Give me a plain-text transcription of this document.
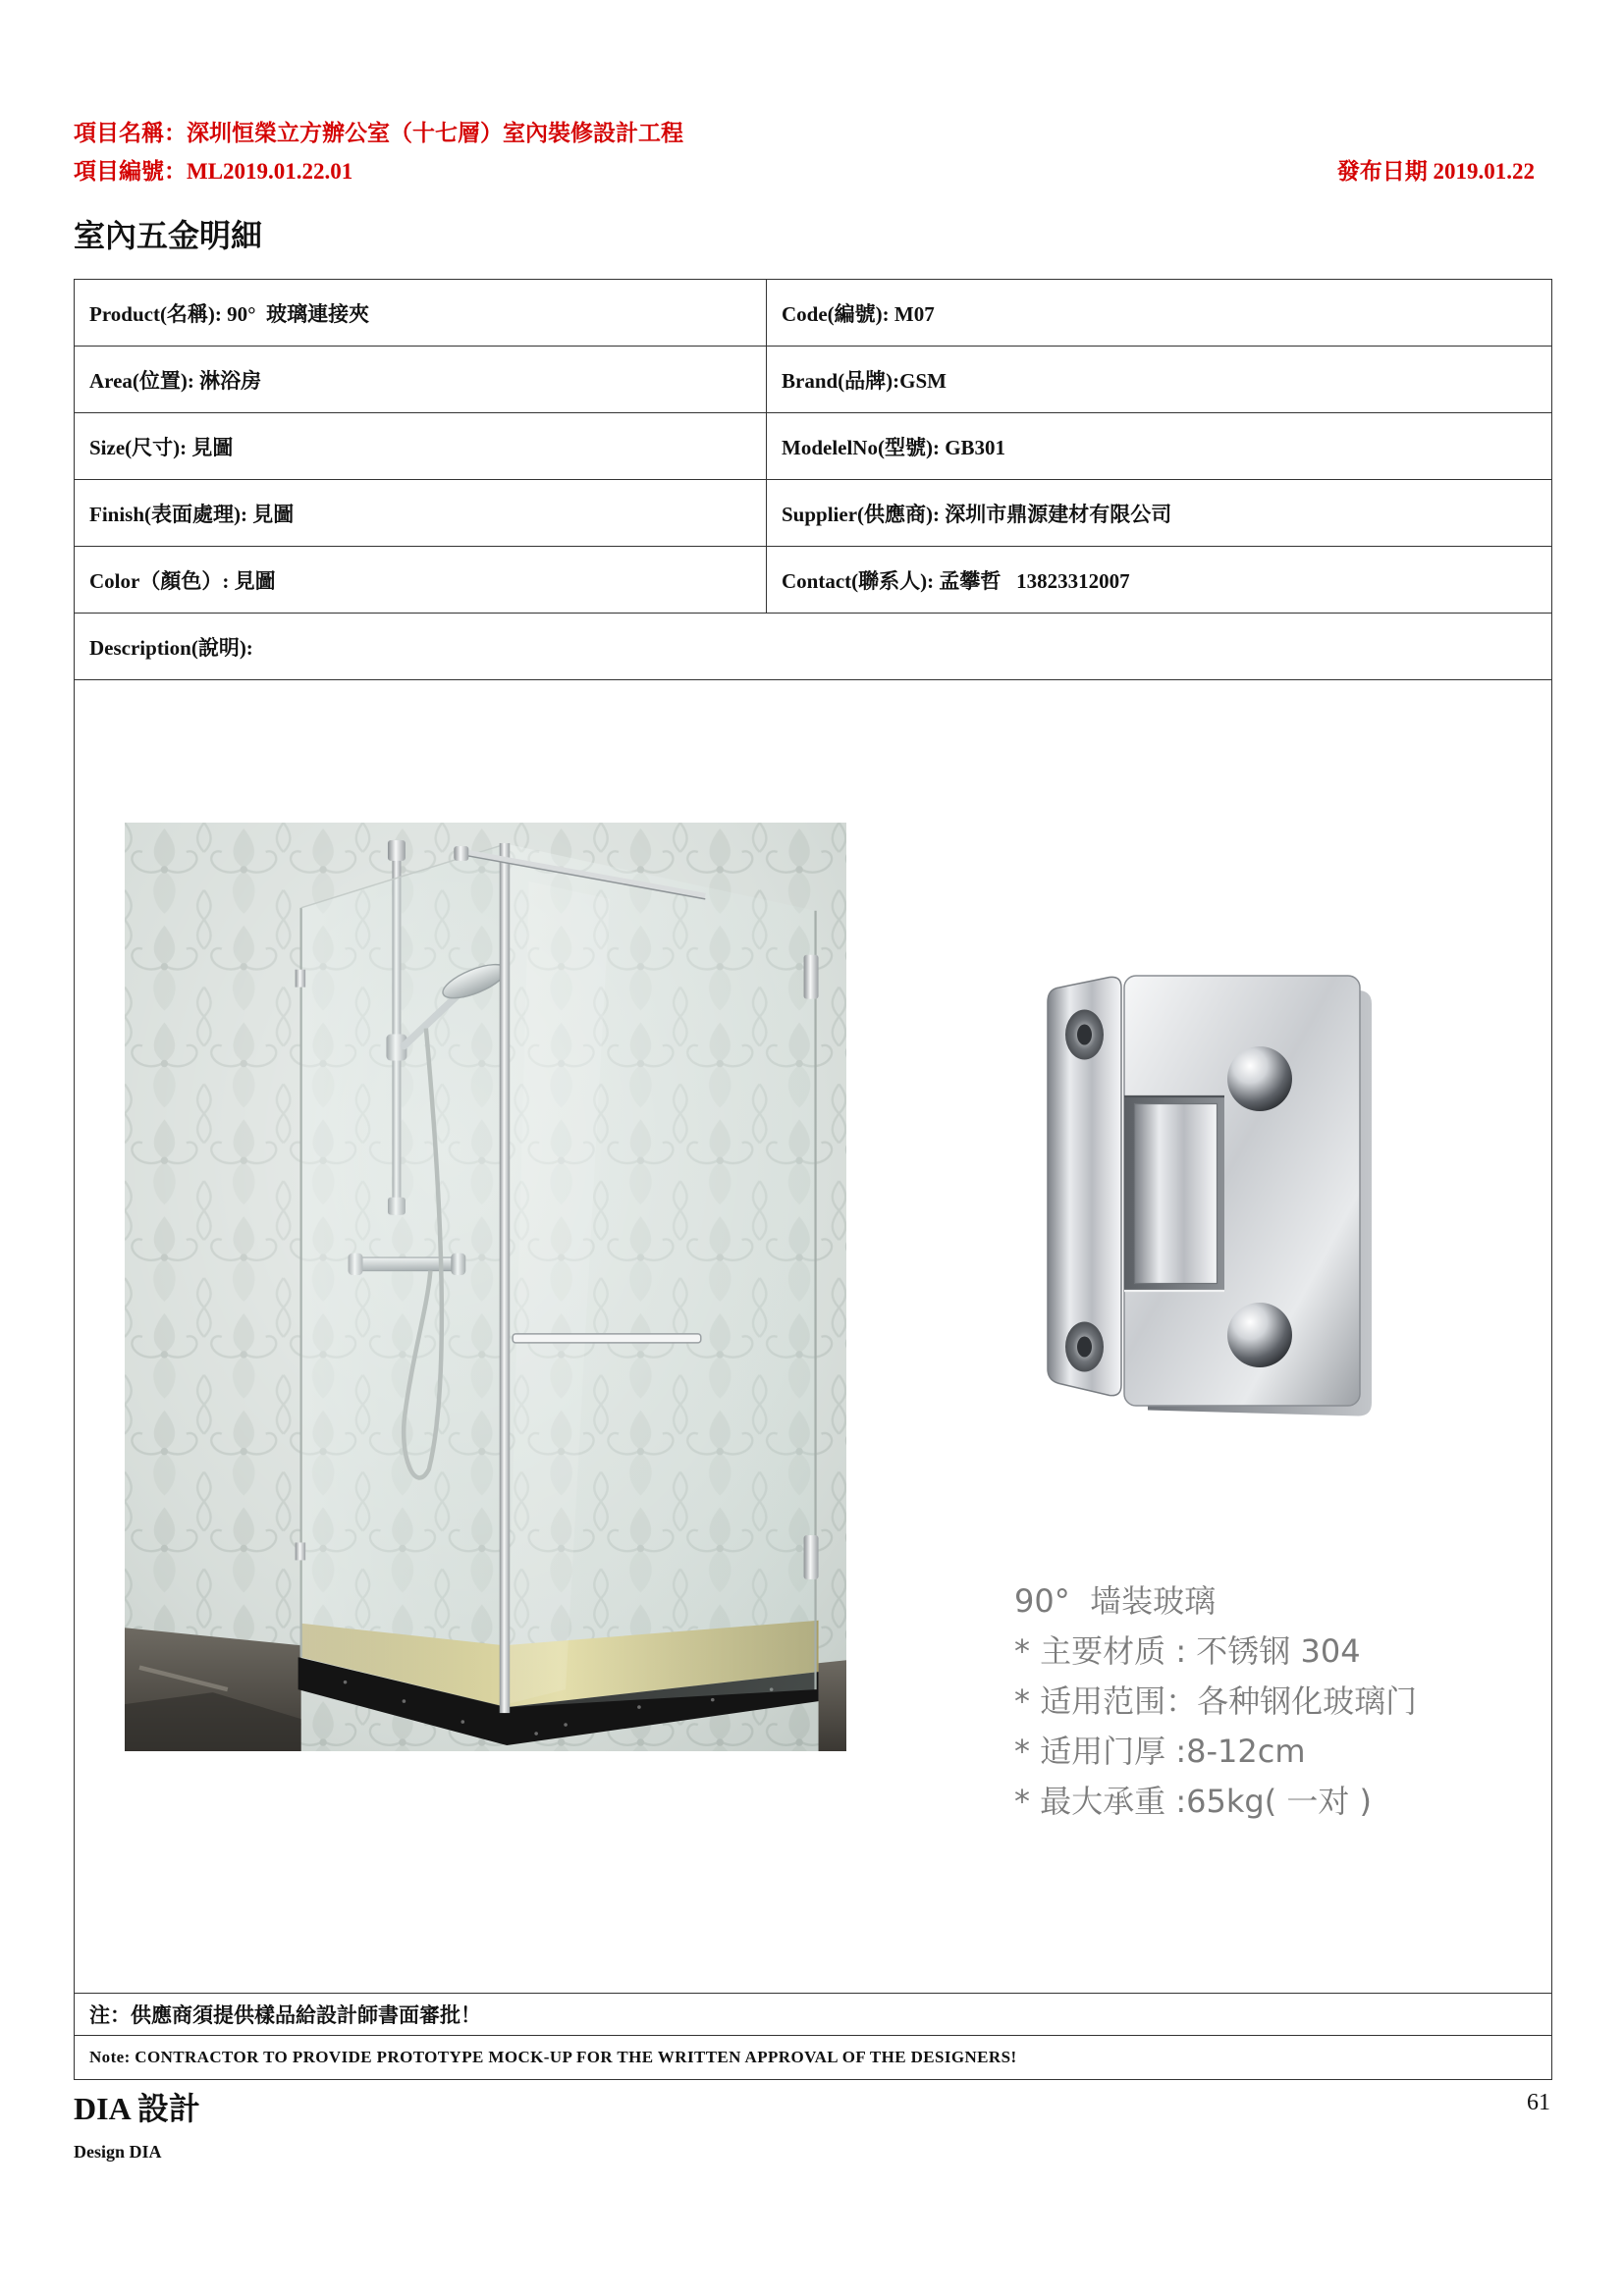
項目名稱：深圳恒榮立方辦公室（十七層）室內裝修設計工程
項目編號：ML2019.01.22.01	發布日期 2019.01.22
室內五金明細
Product(名稱): 90°  玻璃連接夾	Code(編號): M07
Area(位置): 淋浴房	Brand(品牌):GSM
Size(尺寸): 見圖	ModelelNo(型號): GB301
Finish(表面處理): 見圖	Supplier(供應商): 深圳市鼎源建材有限公司
Color（顏色）: 見圖	Contact(聯系人): 孟攀哲   13823312007
Description(說明):
90°  墙装玻璃
* 主要材质 : 不锈钢 304
* 适用范围：各种钢化玻璃门
* 适用门厚 :8-12cm
* 最大承重 :65kg( 一对 )
注：供應商須提供樣品給設計師書面審批！
Note: CONTRACTOR TO PROVIDE PROTOTYPE MOCK-UP FOR THE WRITTEN APPROVAL OF THE DESIGNERS!
DIA 設計
Design DIA
61
